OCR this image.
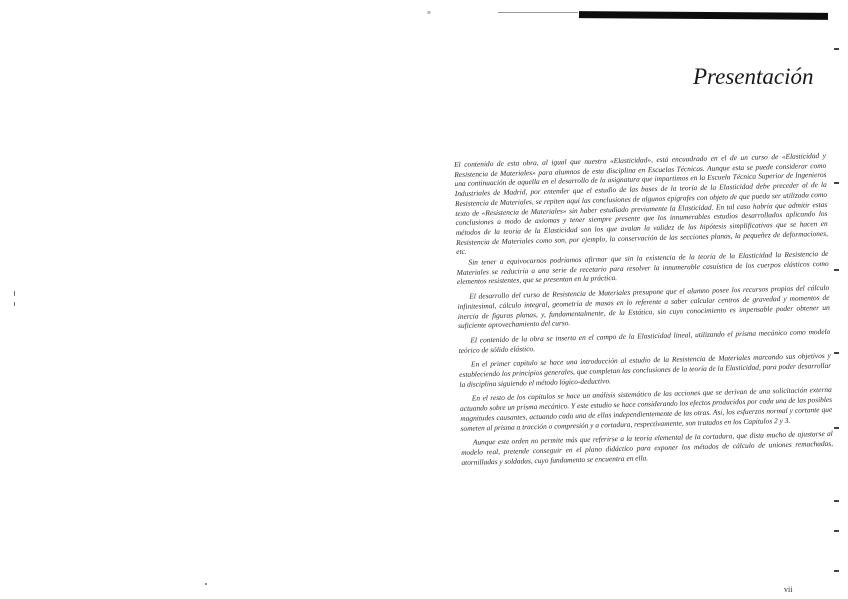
≡
Presentación

El contenido de esta obra, al igual que nuestra «Elasticidad», está encuadrado en el de un curso de «Elasticidad y Resistencia de Materiales» para alumnos de esta disciplina en Escuelas Técnicas. Aunque esta se puede considerar como una continuación de aquella en el desarrollo de la asignatura que impartimos en la Escuela Técnica Superior de Ingenieros Industriales de Madrid, por entender que el estudio de las bases de la teoría de la Elasticidad debe preceder al de la Resistencia de Materiales, se repiten aquí las conclusiones de algunos epígrafes con objeto de que pueda ser utilizada como texto de «Resistencia de Materiales» sin haber estudiado previamente la Elasticidad. En tal caso habría que admitir estas conclusiones a modo de axiomas y tener siempre presente que los innumerables estudios desarrollados aplicando los métodos de la teoría de la Elasticidad son los que avalan la validez de las hipótesis simplificativas que se hacen en Resistencia de Materiales como son, por ejemplo, la conservación de las secciones planas, la pequeñez de deformaciones, etc. Sin tener a equivocarnos podríamos afirmar que sin la existencia de la teoría de la Elasticidad la Resistencia de Materiales se reduciría a una serie de recetario para resolver la innumerable casuística de los cuerpos elásticos como elementos resistentes, que se presentan en la práctica.

El desarrollo del curso de Resistencia de Materiales presupone que el alumno posee los recursos propios del cálculo infinitesimal, cálculo integral, geometría de masas en lo referente a saber calcular centros de gravedad y momentos de inercia de figuras planas, y, fundamentalmente, de la Estática, sin cuyo conocimiento es impensable poder obtener un suficiente aprovechamiento del curso.

El contenido de la obra se inserta en el campo de la Elasticidad lineal, utilizando el prisma mecánico como modelo teórico de sólido elástico.

En el primer capítulo se hace una introducción al estudio de la Resistencia de Materiales marcando sus objetivos y estableciendo los principios generales, que completan las conclusiones de la teoría de la Elasticidad, para poder desarrollar la disciplina siguiendo el método lógico-deductivo.

En el resto de los capítulos se hace un análisis sistemático de las acciones que se derivan de una solicitación externa actuando sobre un prisma mecánico. Y este estudio se hace considerando los efectos producidos por cada una de las posibles magnitudes causantes, actuando cada una de ellas independientemente de las otras. Así, los esfuerzos normal y cortante que someten al prisma a tracción o compresión y a cortadura, respectivamente, son tratados en los Capítulos 2 y 3.

Aunque este orden no permite más que referirse a la teoría elemental de la cortadura, que dista mucho de ajustarse al modelo real, pretende conseguir en el plano didáctico para exponer los métodos de cálculo de uniones remachadas, atornilladas y soldadas, cuyo fundamento se encuentra en ella.

vii
